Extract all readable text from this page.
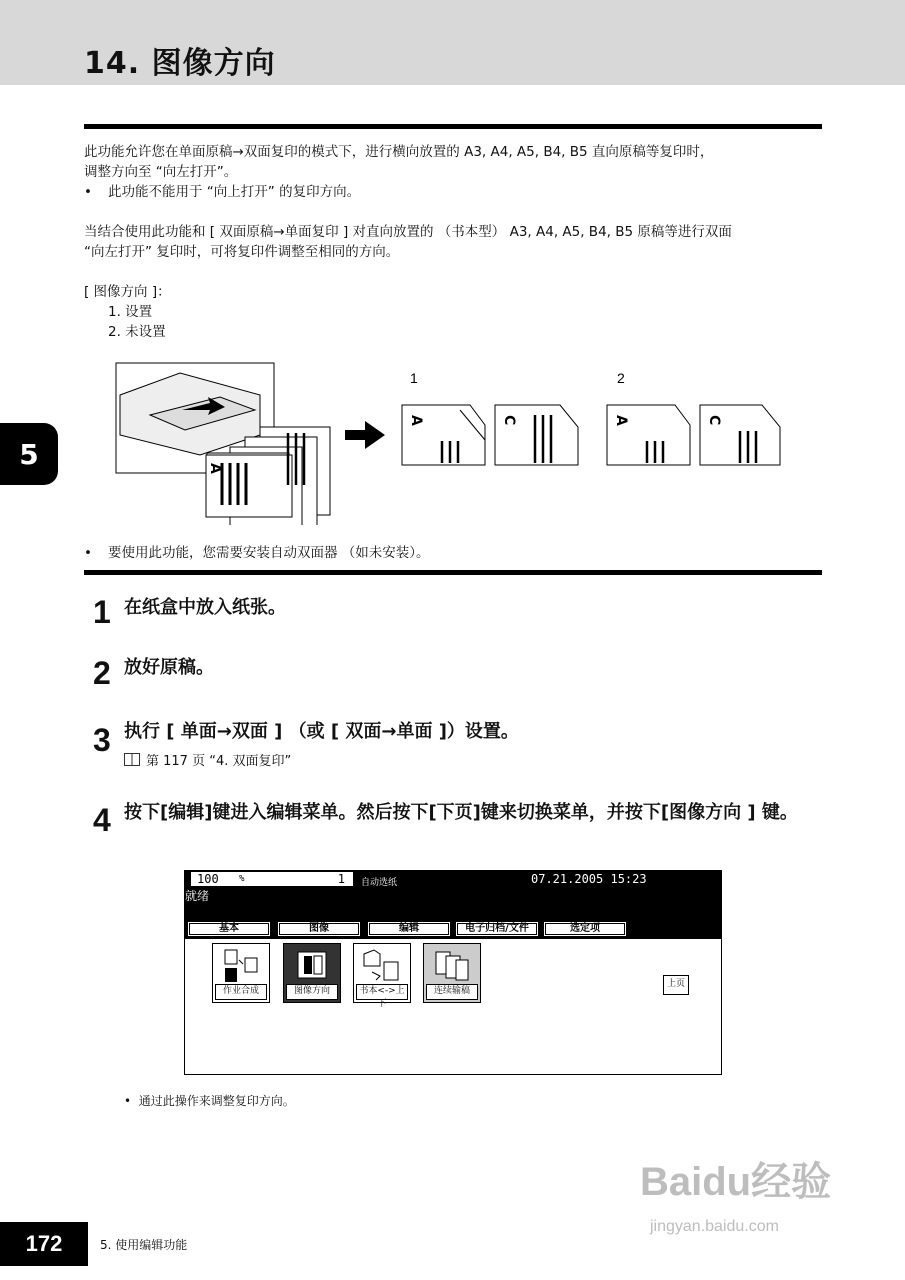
14. 图像方向
此功能允许您在单面原稿→双面复印的模式下，进行横向放置的 A3, A4, A5, B4, B5 直向原稿等复印时，
调整方向至 “向左打开”。
• 此功能不能用于 “向上打开” 的复印方向。
当结合使用此功能和 [ 双面原稿→单面复印 ] 对直向放置的 （书本型） A3, A4, A5, B4, B5 原稿等进行双面
“向左打开” 复印时，可将复印件调整至相同的方向。
[ 图像方向 ]：
1. 设置
2. 未设置
A
A	C	A	C
1	2
• 要使用此功能，您需要安装自动双面器 （如未安装）。
5
1 在纸盒中放入纸张。
2 放好原稿。
3 执行 [ 单面→双面 ] （或 [ 双面→单面 ]）设置。
第 117 页 “4. 双面复印”
4 按下[编辑]键进入编辑菜单。然后按下[下页]键来切换菜单，并按下[图像方向 ] 键。
100 %	1 自动选纸	07.21.2005 15:23
就绪
基本	图像	编辑	电子归档/文件	选定项
作业合成	图像方向	书本<->上下
连续输稿
上页
•  通过此操作来调整复印方向。
Baidu经验
jingyan.baidu.com
172	5. 使用编辑功能
